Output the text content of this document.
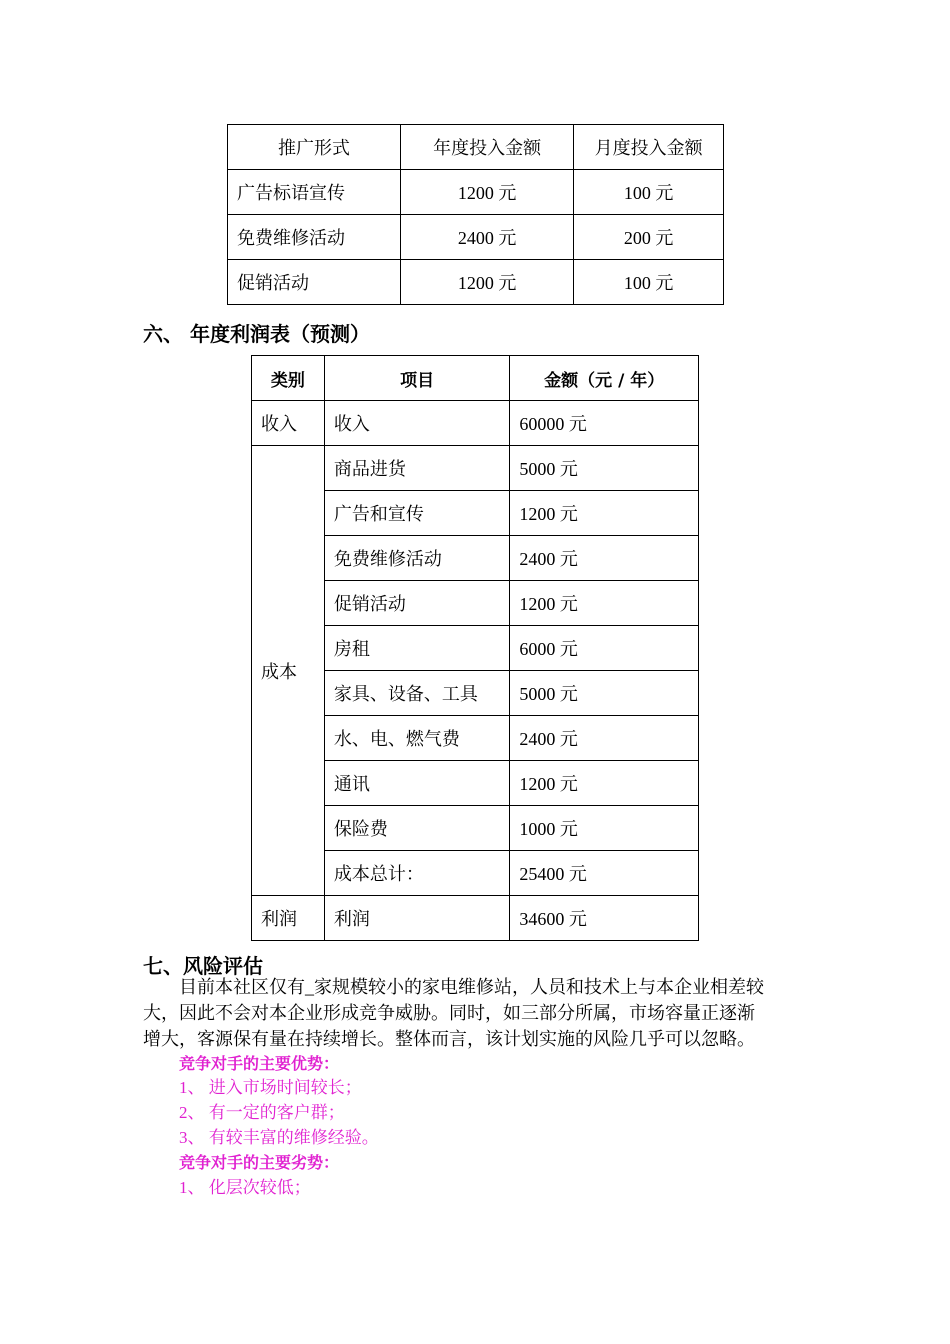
推广形式	年度投入金额	月度投入金额
广告标语宣传	1200 元	100 元
免费维修活动	2400 元	200 元
促销活动	1200 元	100 元
六、 年度利润表（预测）
类别	项目	金额（元 / 年）
收入	收入	60000 元
成本	商品进货	5000 元
	广告和宣传	1200 元
	免费维修活动	2400 元
	促销活动	1200 元
	房租	6000 元
	家具、设备、工具	5000 元
	水、电、燃气费	2400 元
	通讯	1200 元
	保险费	1000 元
	成本总计：	25400 元
利润	利润	34600 元
七、风险评估
目前本社区仅有_家规模较小的家电维修站，人员和技术上与本企业相差较
大，因此不会对本企业形成竞争威胁。同时，如三部分所属，市场容量正逐渐
增大，客源保有量在持续增长。整体而言，该计划实施的风险几乎可以忽略。
竞争对手的主要优势：
1、 进入市场时间较长；
2、 有一定的客户群；
3、 有较丰富的维修经验。
竞争对手的主要劣势：
1、 化层次较低；
